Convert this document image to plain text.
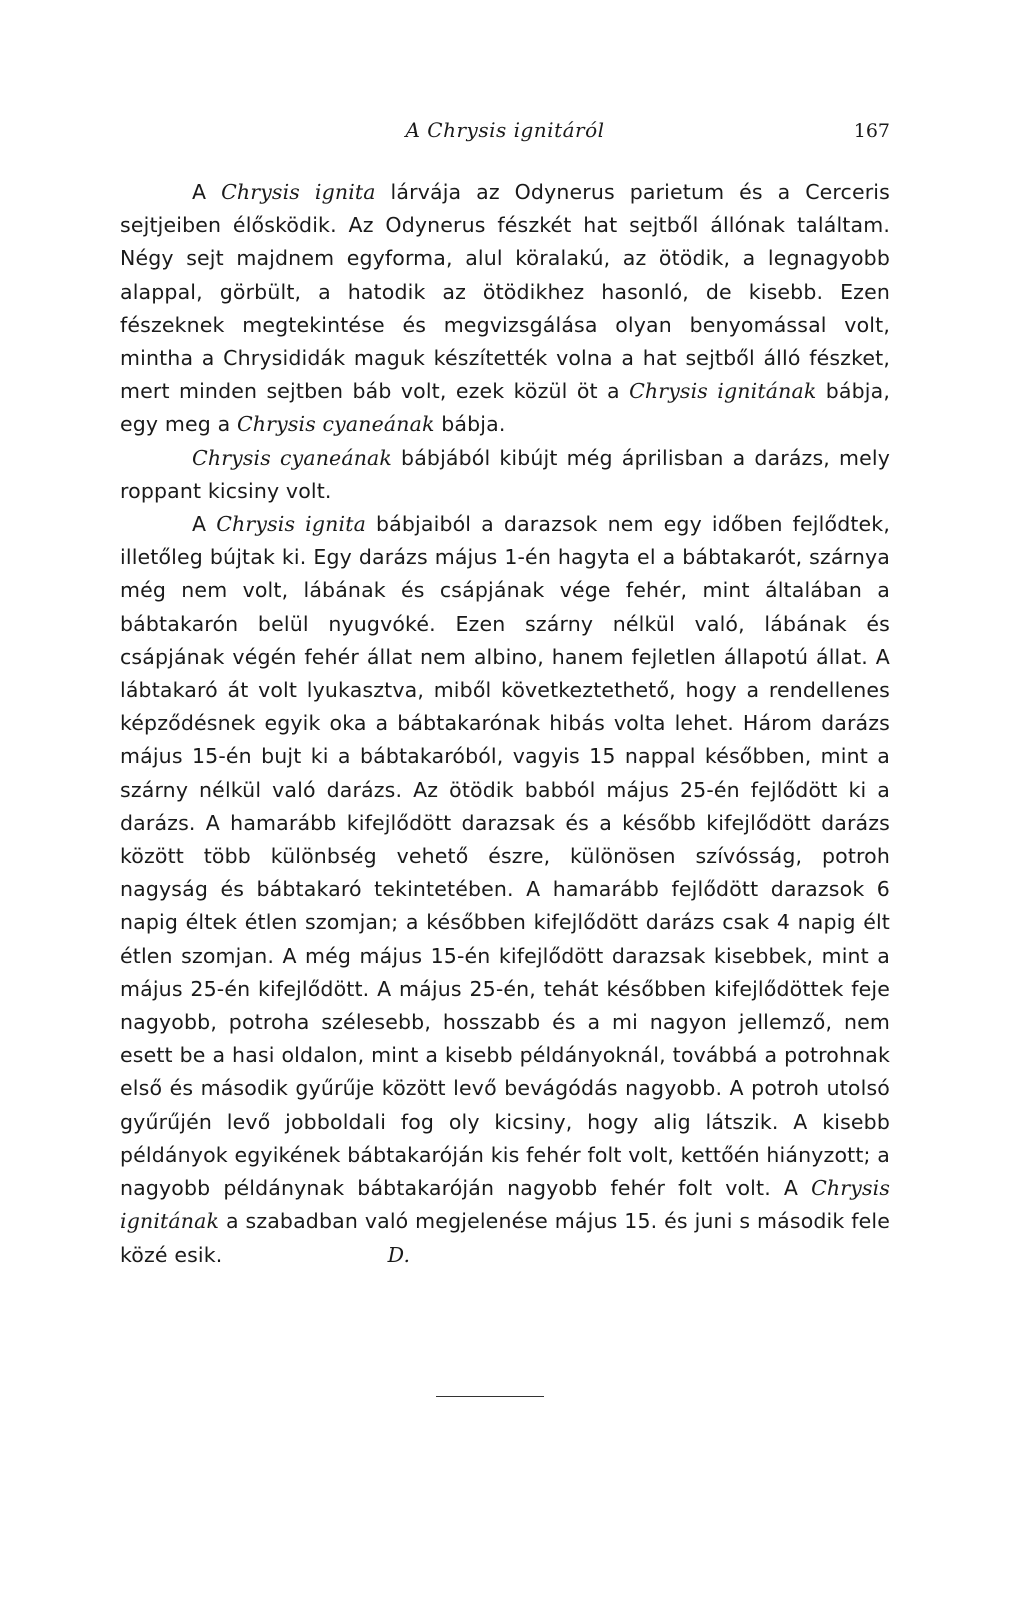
A Chrysis ignitáról	167

A Chrysis ignita lárvája az Odynerus parietum és a Cerceris sejtjeiben élősködik. Az Odynerus fészkét hat sejtből állónak találtam. Négy sejt majdnem egyforma, alul köralakú, az ötödik, a legnagyobb alappal, görbült, a hatodik az ötödikhez hasonló, de kisebb. Ezen fészeknek megtekintése és megvizsgálása olyan benyomással volt, mintha a Chrysididák maguk készítették volna a hat sejtből álló fészket, mert minden sejtben báb volt, ezek közül öt a Chrysis ignitának bábja, egy meg a Chrysis cyaneának bábja.

Chrysis cyaneának bábjából kibújt még áprilisban a darázs, mely roppant kicsiny volt.

A Chrysis ignita bábjaiból a darazsok nem egy időben fejlődtek, illetőleg bújtak ki. Egy darázs május 1-én hagyta el a bábtakarót, szárnya még nem volt, lábának és csápjának vége fehér, mint általában a bábtakarón belül nyugvóké. Ezen szárny nélkül való, lábának és csápjának végén fehér állat nem albino, hanem fejletlen állapotú állat. A lábtakaró át volt lyukasztva, miből következtethető, hogy a rendellenes képződésnek egyik oka a bábtakarónak hibás volta lehet. Három darázs május 15-én bujt ki a bábtakaróból, vagyis 15 nappal későbben, mint a szárny nélkül való darázs. Az ötödik babból május 25-én fejlődött ki a darázs. A hamarább kifejlődött darazsak és a később kifejlődött darázs között több különbség vehető észre, különösen szívósság, potroh nagyság és bábtakaró tekintetében. A hamarább fejlődött darazsok 6 napig éltek étlen szomjan; a későbben kifejlődött darázs csak 4 napig élt étlen szomjan. A még május 15-én kifejlődött darazsak kisebbek, mint a május 25-én kifejlődött. A május 25-én, tehát későbben kifejlődöttek feje nagyobb, potroha szélesebb, hosszabb és a mi nagyon jellemző, nem esett be a hasi oldalon, mint a kisebb példányoknál, továbbá a potrohnak első és második gyűrűje között levő bevágódás nagyobb. A potroh utolsó gyűrűjén levő jobboldali fog oly kicsiny, hogy alig látszik. A kisebb példányok egyikének bábtakaróján kis fehér folt volt, kettőén hiányzott; a nagyobb példánynak bábtakaróján nagyobb fehér folt volt. A Chrysis ignitának a szabadban való megjelenése május 15. és juni s második fele közé esik.        	D.
